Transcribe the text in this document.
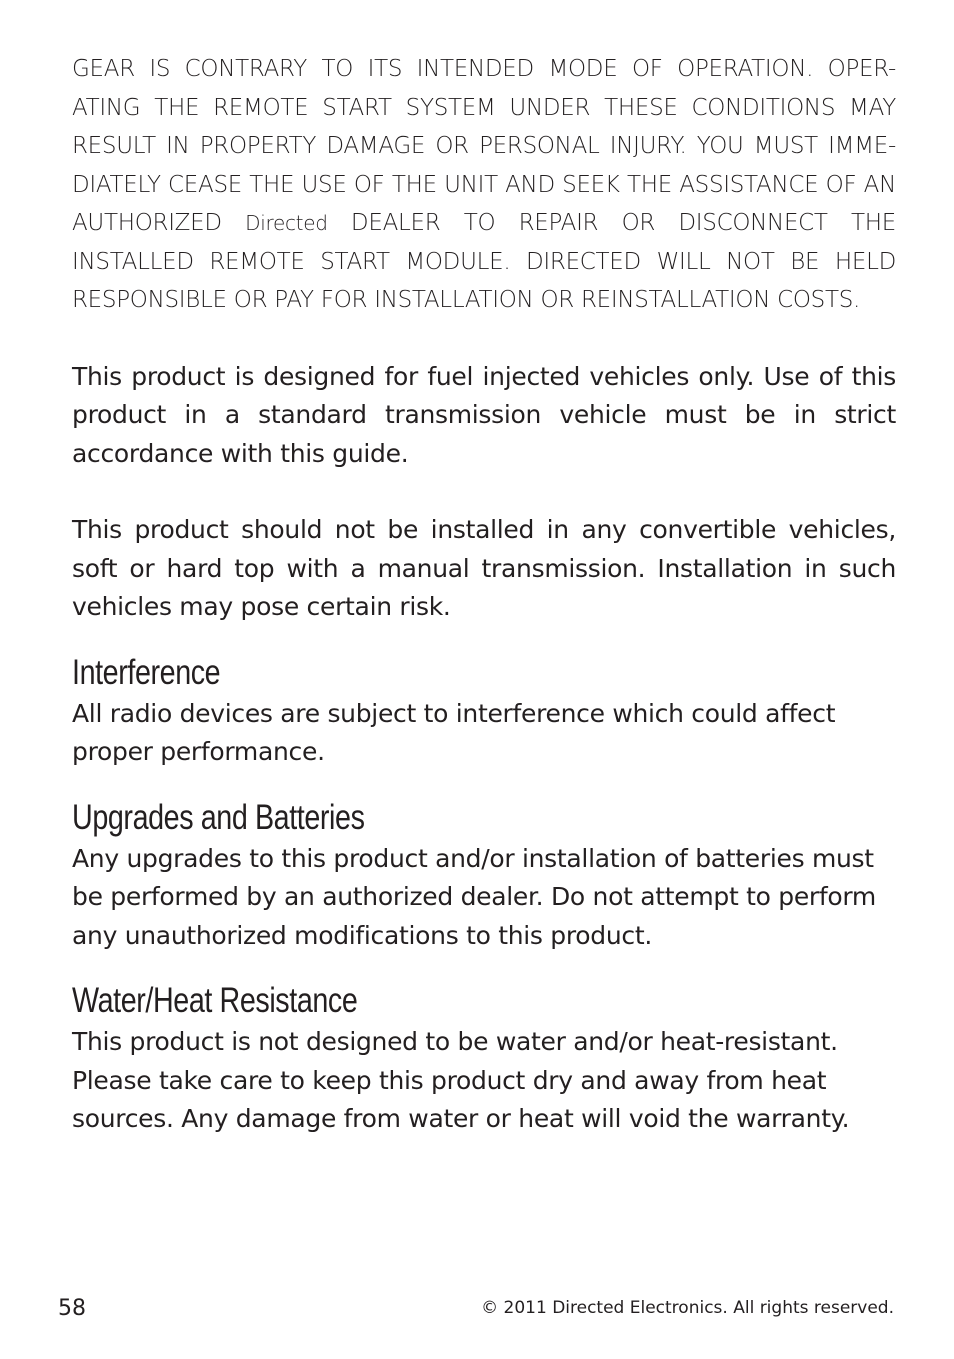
GEAR IS CONTRARY TO ITS INTENDED MODE OF OPERATION. OPER-ATING THE REMOTE START SYSTEM UNDER THESE CONDITIONS MAY RESULT IN PROPERTY DAMAGE OR PERSONAL INJURY. YOU MUST IMME-DIATELY CEASE THE USE OF THE UNIT AND SEEK THE ASSISTANCE OF AN AUTHORIZED Directed DEALER TO REPAIR OR DISCONNECT THE INSTALLED REMOTE START MODULE. DIRECTED WILL NOT BE HELD RESPONSIBLE OR PAY FOR INSTALLATION OR REINSTALLATION COSTS.

This product is designed for fuel injected vehicles only. Use of this product in a standard transmission vehicle must be in strict accordance with this guide.

This product should not be installed in any convertible vehicles, soft or hard top with a manual transmission. Installation in such vehicles may pose certain risk.

Interference

All radio devices are subject to interference which could affect proper performance.

Upgrades and Batteries

Any upgrades to this product and/or installation of batteries must be performed by an authorized dealer. Do not attempt to perform any unauthorized modifications to this product.

Water/Heat Resistance

This product is not designed to be water and/or heat-resistant. Please take care to keep this product dry and away from heat sources. Any damage from water or heat will void the warranty.

58	© 2011 Directed Electronics. All rights reserved.
